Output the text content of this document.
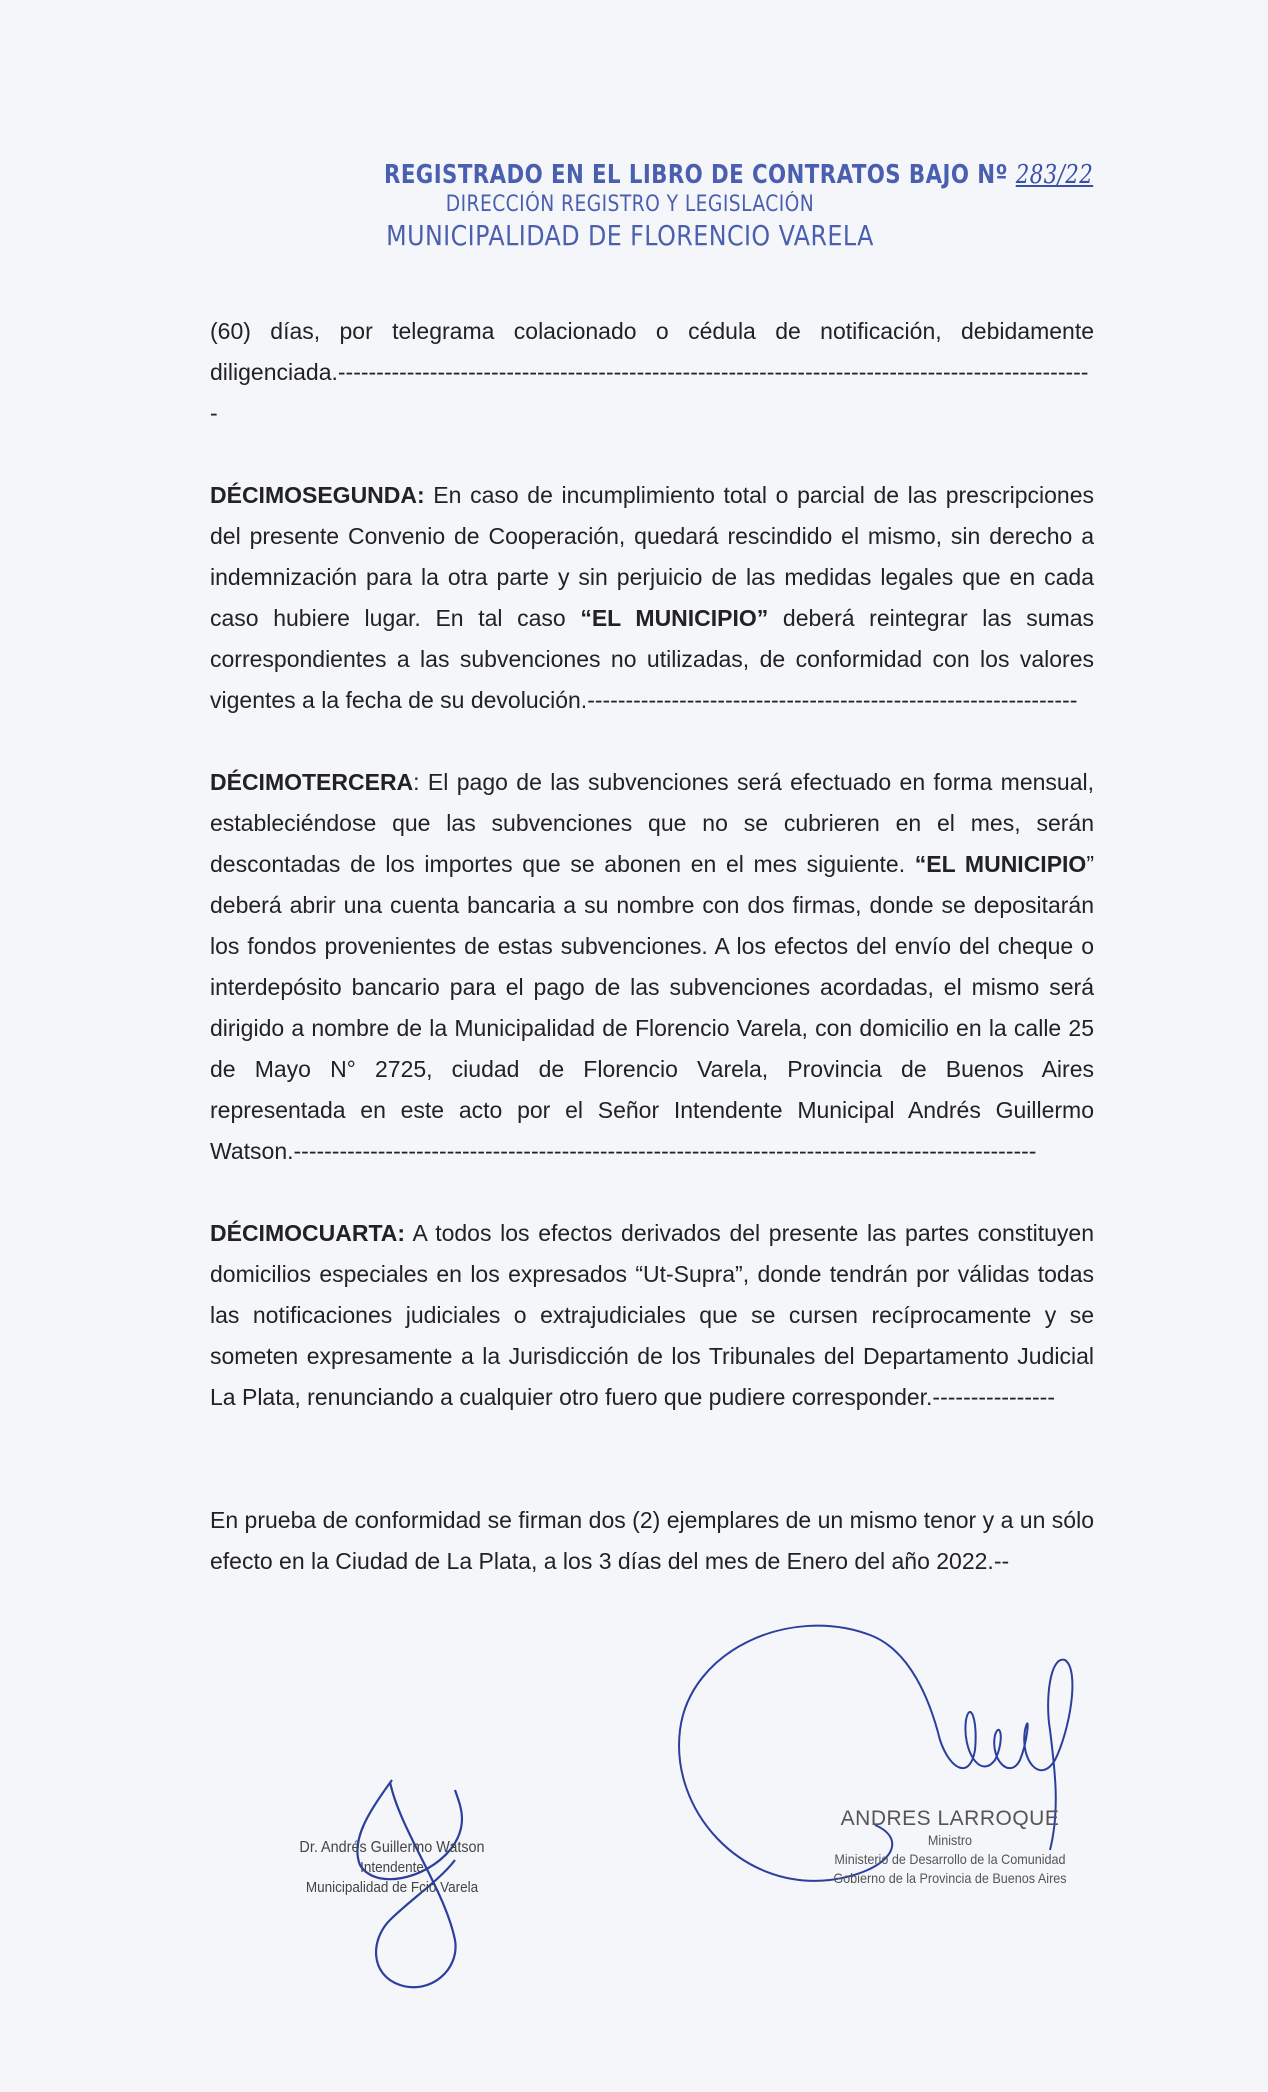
REGISTRADO EN EL LIBRO DE CONTRATOS BAJO Nº 283/22
DIRECCIÓN REGISTRO Y LEGISLACIÓN
MUNICIPALIDAD DE FLORENCIO VARELA

(60) días, por telegrama colacionado o cédula de notificación, debidamente diligenciada.---------------------------------------------------------------------------------------------------

DÉCIMOSEGUNDA: En caso de incumplimiento total o parcial de las prescripciones del presente Convenio de Cooperación, quedará rescindido el mismo, sin derecho a indemnización para la otra parte y sin perjuicio de las medidas legales que en cada caso hubiere lugar. En tal caso “EL MUNICIPIO” deberá reintegrar las sumas correspondientes a las subvenciones no utilizadas, de conformidad con los valores vigentes a la fecha de su devolución.----------------------------------------------------------------

DÉCIMOTERCERA: El pago de las subvenciones será efectuado en forma mensual, estableciéndose que las subvenciones que no se cubrieren en el mes, serán descontadas de los importes que se abonen en el mes siguiente. “EL MUNICIPIO” deberá abrir una cuenta bancaria a su nombre con dos firmas, donde se depositarán los fondos provenientes de estas subvenciones. A los efectos del envío del cheque o interdepósito bancario para el pago de las subvenciones acordadas, el mismo será dirigido a nombre de la Municipalidad de Florencio Varela, con domicilio en la calle 25 de Mayo N° 2725, ciudad de Florencio Varela, Provincia de Buenos Aires representada en este acto por el Señor Intendente Municipal Andrés Guillermo Watson.-------------------------------------------------------------------------------------------------

DÉCIMOCUARTA: A todos los efectos derivados del presente las partes constituyen domicilios especiales en los expresados “Ut-Supra”, donde tendrán por válidas todas las notificaciones judiciales o extrajudiciales que se cursen recíprocamente y se someten expresamente a la Jurisdicción de los Tribunales del Departamento Judicial La Plata, renunciando a cualquier otro fuero que pudiere corresponder.----------------

En prueba de conformidad se firman dos (2) ejemplares de un mismo tenor y a un sólo efecto en la Ciudad de La Plata, a los 3 días del mes de Enero del año 2022.--

Dr. Andrés Guillermo Watson
Intendente
Municipalidad de Fcio.Varela
ANDRES LARROQUE
Ministro
Ministerio de Desarrollo de la Comunidad
Gobierno de la Provincia de Buenos Aires
